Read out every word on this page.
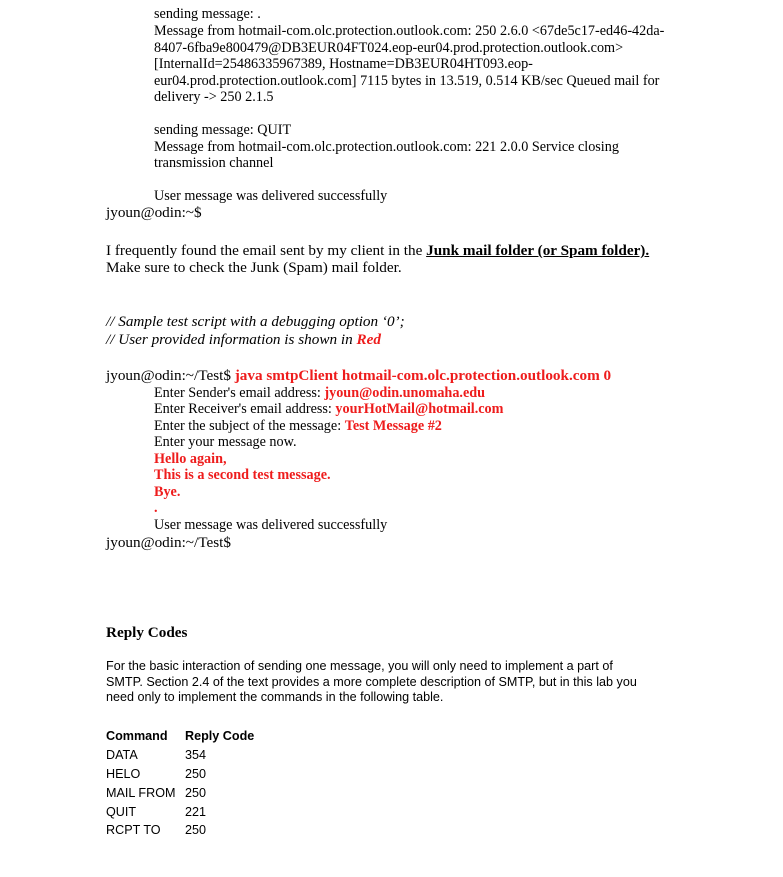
sending message: .
Message from hotmail-com.olc.protection.outlook.com: 250 2.6.0 <67de5c17-ed46-42da-
8407-6fba9e800479@DB3EUR04FT024.eop-eur04.prod.protection.outlook.com>
[InternalId=25486335967389, Hostname=DB3EUR04HT093.eop-
eur04.prod.protection.outlook.com] 7115 bytes in 13.519, 0.514 KB/sec Queued mail for
delivery -> 250 2.1.5
sending message: QUIT
Message from hotmail-com.olc.protection.outlook.com: 221 2.0.0 Service closing
transmission channel
User message was delivered successfully
jyoun@odin:~$
I frequently found the email sent by my client in the Junk mail folder (or Spam folder).
Make sure to check the Junk (Spam) mail folder.
// Sample test script with a debugging option ‘0’;
// User provided information is shown in Red
jyoun@odin:~/Test$ java smtpClient hotmail-com.olc.protection.outlook.com 0
Enter Sender's email address: jyoun@odin.unomaha.edu
Enter Receiver's email address: yourHotMail@hotmail.com
Enter the subject of the message: Test Message #2
Enter your message now.
Hello again,
This is a second test message.
Bye.
.
User message was delivered successfully
jyoun@odin:~/Test$
Reply Codes
For the basic interaction of sending one message, you will only need to implement a part of
SMTP. Section 2.4 of the text provides a more complete description of SMTP, but in this lab you
need only to implement the commands in the following table.
Command	Reply Code
DATA	354
HELO	250
MAIL FROM	250
QUIT	221
RCPT TO	250
